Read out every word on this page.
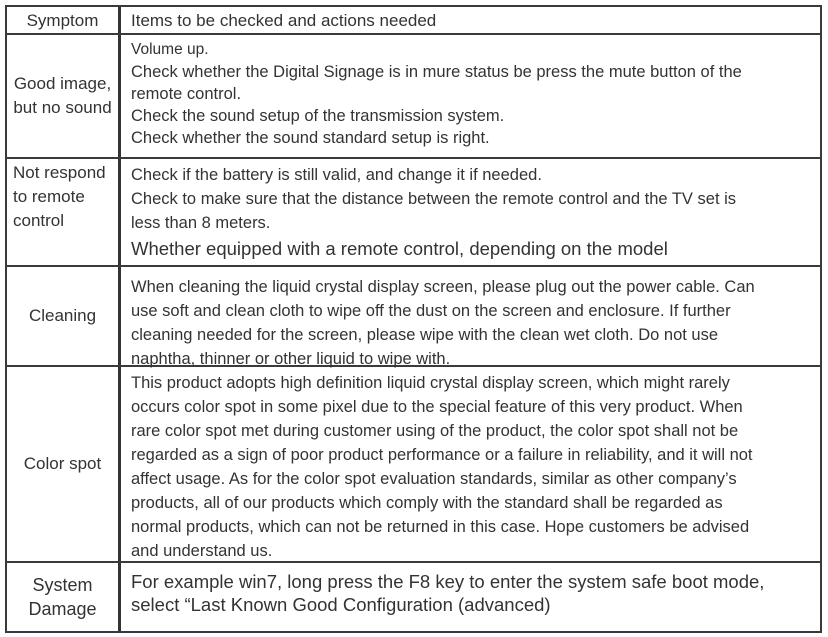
Symptom	Items to be checked and actions needed
Good image,
but no sound
Volume up.
Check whether the Digital Signage is in mure status be press the mute button of the
remote control.
Check the sound setup of the transmission system.
Check whether the sound standard setup is right.
Not respond
to remote
control
Check if the battery is still valid, and change it if needed.
Check to make sure that the distance between the remote control and the TV set is
less than 8 meters.
Whether equipped with a remote control, depending on the model
Cleaning
When cleaning the liquid crystal display screen, please plug out the power cable. Can
use soft and clean cloth to wipe off the dust on the screen and enclosure. If further
cleaning needed for the screen, please wipe with the clean wet cloth. Do not use
naphtha, thinner or other liquid to wipe with.
Color spot
This product adopts high definition liquid crystal display screen, which might rarely
occurs color spot in some pixel due to the special feature of this very product. When
rare color spot met during customer using of the product, the color spot shall not be
regarded as a sign of poor product performance or a failure in reliability, and it will not
affect usage. As for the color spot evaluation standards, similar as other company’s
products, all of our products which comply with the standard shall be regarded as
normal products, which can not be returned in this case. Hope customers be advised
and understand us.
System
Damage
For example win7, long press the F8 key to enter the system safe boot mode,
select “Last Known Good Configuration (advanced)
